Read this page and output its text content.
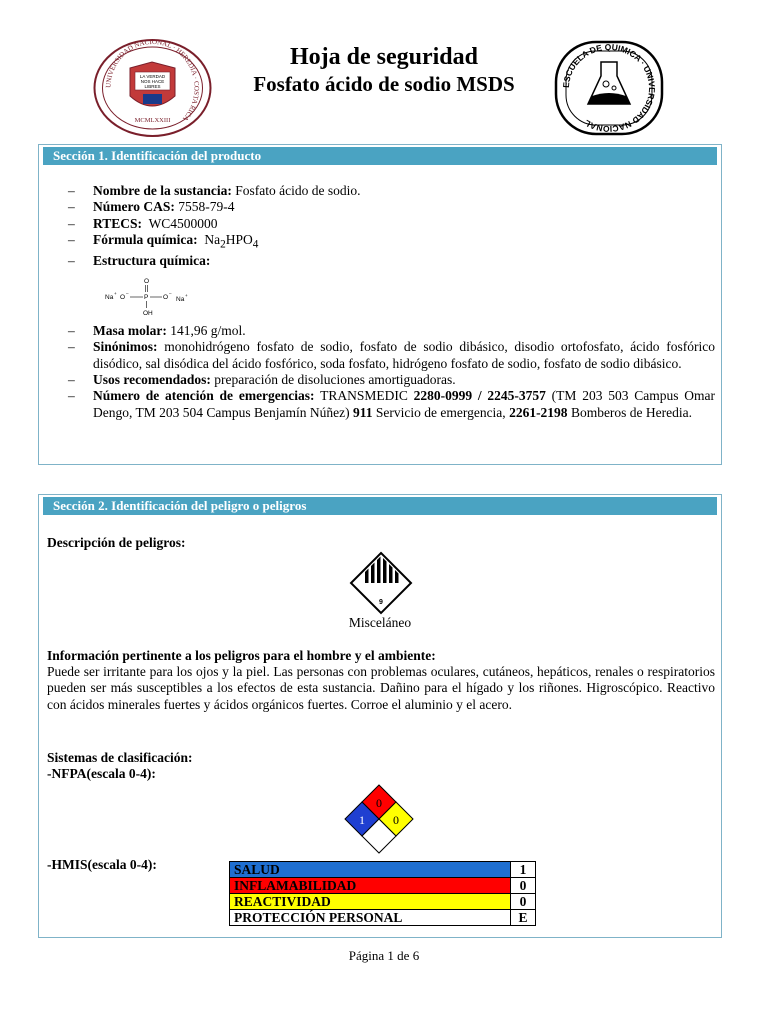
UNIVERSIDAD NACIONAL · HEREDIA · COSTA RICA
LA VERDAD
NOS HACE
LIBRES
MCMLXXIII
Hoja de seguridad
Fosfato ácido de sodio MSDS	ESCUELA DE QUIMICA · UNIVERSIDAD NACIONAL
Sección 1. Identificación del producto
– Nombre de la sustancia: Fosfato ácido de sodio.
– Número CAS: 7558-79-4
– RTECS: WC4500000
– Fórmula química: $Na_2HPO_4$
– Estructura química:
Na
+
O
–
P
O
O
–
Na
+
OH
– Masa molar: 141,96 g/mol.
– Sinónimos: monohidrógeno fosfato de sodio, fosfato de sodio dibásico, disodio ortofosfato, ácido fosfórico disódico, sal disódica del ácido fosfórico, soda fosfato, hidrógeno fosfato de sodio, fosfato de sodio dibásico.
– Usos recomendados: preparación de disoluciones amortiguadoras.
– Número de atención de emergencias: TRANSMEDIC 2280-0999 / 2245-3757 (TM 203 503 Campus Omar Dengo, TM 203 504 Campus Benjamín Núñez) 911 Servicio de emergencia, 2261-2198 Bomberos de Heredia.
Sección 2. Identificación del peligro o peligros
Descripción de peligros:
9
Misceláneo
Información pertinente a los peligros para el hombre y el ambiente:
Puede ser irritante para los ojos y la piel. Las personas con problemas oculares, cutáneos, hepáticos, renales o respiratorios pueden ser más susceptibles a los efectos de esta sustancia. Dañino para el hígado y los riñones. Higroscópico. Reactivo con ácidos minerales fuertes y ácidos orgánicos fuertes. Corroe el aluminio y el acero.
Sistemas de clasificación:
-NFPA(escala 0-4):
0
1 0
-HMIS(escala 0-4):	SALUD	1
INFLAMABILIDAD	0
REACTIVIDAD	0
PROTECCIÓN PERSONAL	E
Página 1 de 6
